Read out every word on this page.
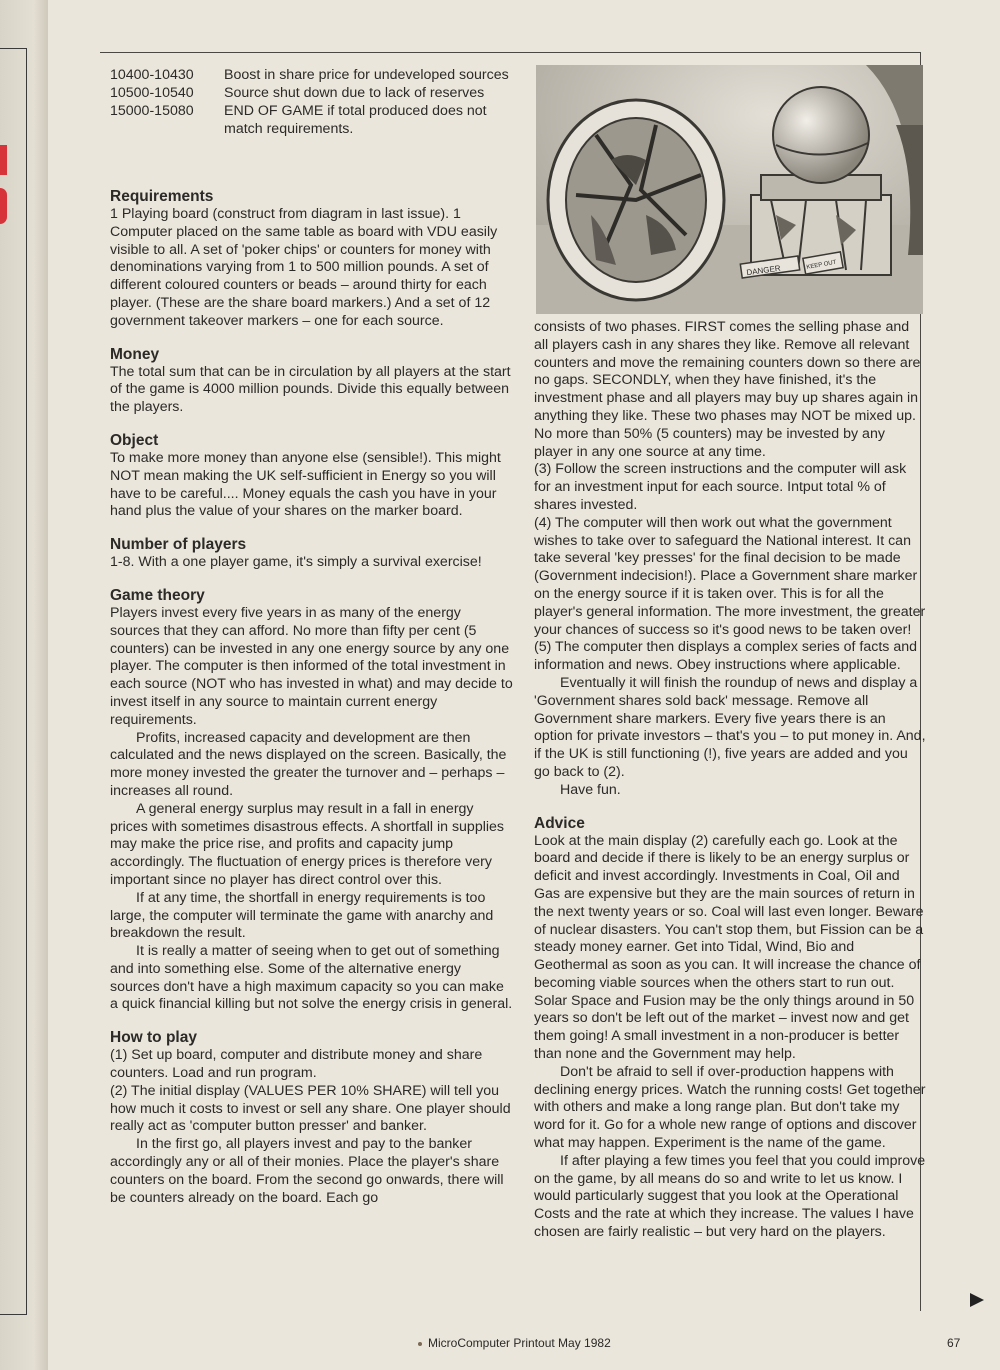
10400-10430	Boost in share price for undeveloped sources
10500-10540	Source shut down due to lack of reserves
15000-15080	END OF GAME if total produced does not match requirements.
DANGER	KEEP OUT
Requirements

1 Playing board (construct from diagram in last issue). 1 Computer placed on the same table as board with VDU easily visible to all. A set of 'poker chips' or counters for money with denominations varying from 1 to 500 million pounds. A set of different coloured counters or beads – around thirty for each player. (These are the share board markers.) And a set of 12 government takeover markers – one for each source.

Money

The total sum that can be in circulation by all players at the start of the game is 4000 million pounds. Divide this equally between the players.

Object

To make more money than anyone else (sensible!). This might NOT mean making the UK self-sufficient in Energy so you will have to be careful.... Money equals the cash you have in your hand plus the value of your shares on the marker board.

Number of players

1-8. With a one player game, it's simply a survival exercise!

Game theory

Players invest every five years in as many of the energy sources that they can afford. No more than fifty per cent (5 counters) can be invested in any one energy source by any one player. The computer is then informed of the total investment in each source (NOT who has invested in what) and may decide to invest itself in any source to maintain current energy requirements.

Profits, increased capacity and development are then calculated and the news displayed on the screen. Basically, the more money invested the greater the turnover and – perhaps – increases all round.

A general energy surplus may result in a fall in energy prices with sometimes disastrous effects. A shortfall in supplies may make the price rise, and profits and capacity jump accordingly. The fluctuation of energy prices is therefore very important since no player has direct control over this.

If at any time, the shortfall in energy requirements is too large, the computer will terminate the game with anarchy and breakdown the result.

It is really a matter of seeing when to get out of something and into something else. Some of the alternative energy sources don't have a high maximum capacity so you can make a quick financial killing but not solve the energy crisis in general.

How to play

(1) Set up board, computer and distribute money and share counters. Load and run program.

(2) The initial display (VALUES PER 10% SHARE) will tell you how much it costs to invest or sell any share. One player should really act as 'computer button presser' and banker.

In the first go, all players invest and pay to the banker accordingly any or all of their monies. Place the player's share counters on the board. From the second go onwards, there will be counters already on the board. Each go

consists of two phases. FIRST comes the selling phase and all players cash in any shares they like. Remove all relevant counters and move the remaining counters down so there are no gaps. SECONDLY, when they have finished, it's the investment phase and all players may buy up shares again in anything they like. These two phases may NOT be mixed up. No more than 50% (5 counters) may be invested by any player in any one source at any time.

(3) Follow the screen instructions and the computer will ask for an investment input for each source. Intput total % of shares invested.

(4) The computer will then work out what the government wishes to take over to safeguard the National interest. It can take several 'key presses' for the final decision to be made (Government indecision!). Place a Government share marker on the energy source if it is taken over. This is for all the player's general information. The more investment, the greater your chances of success so it's good news to be taken over!

(5) The computer then displays a complex series of facts and information and news. Obey instructions where applicable.

Eventually it will finish the roundup of news and display a 'Government shares sold back' message. Remove all Government share markers. Every five years there is an option for private investors – that's you – to put money in. And, if the UK is still functioning (!), five years are added and you go back to (2).

Have fun.

Advice

Look at the main display (2) carefully each go. Look at the board and decide if there is likely to be an energy surplus or deficit and invest accordingly. Investments in Coal, Oil and Gas are expensive but they are the main sources of return in the next twenty years or so. Coal will last even longer. Beware of nuclear disasters. You can't stop them, but Fission can be a steady money earner. Get into Tidal, Wind, Bio and Geothermal as soon as you can. It will increase the chance of becoming viable sources when the others start to run out. Solar Space and Fusion may be the only things around in 50 years so don't be left out of the market – invest now and get them going! A small investment in a non-producer is better than none and the Government may help.

Don't be afraid to sell if over-production happens with declining energy prices. Watch the running costs! Get together with others and make a long range plan. But don't take my word for it. Go for a whole new range of options and discover what may happen. Experiment is the name of the game.

If after playing a few times you feel that you could improve on the game, by all means do so and write to let us know. I would particularly suggest that you look at the Operational Costs and the rate at which they increase. The values I have chosen are fairly realistic – but very hard on the players.

MicroComputer Printout May 1982	67
